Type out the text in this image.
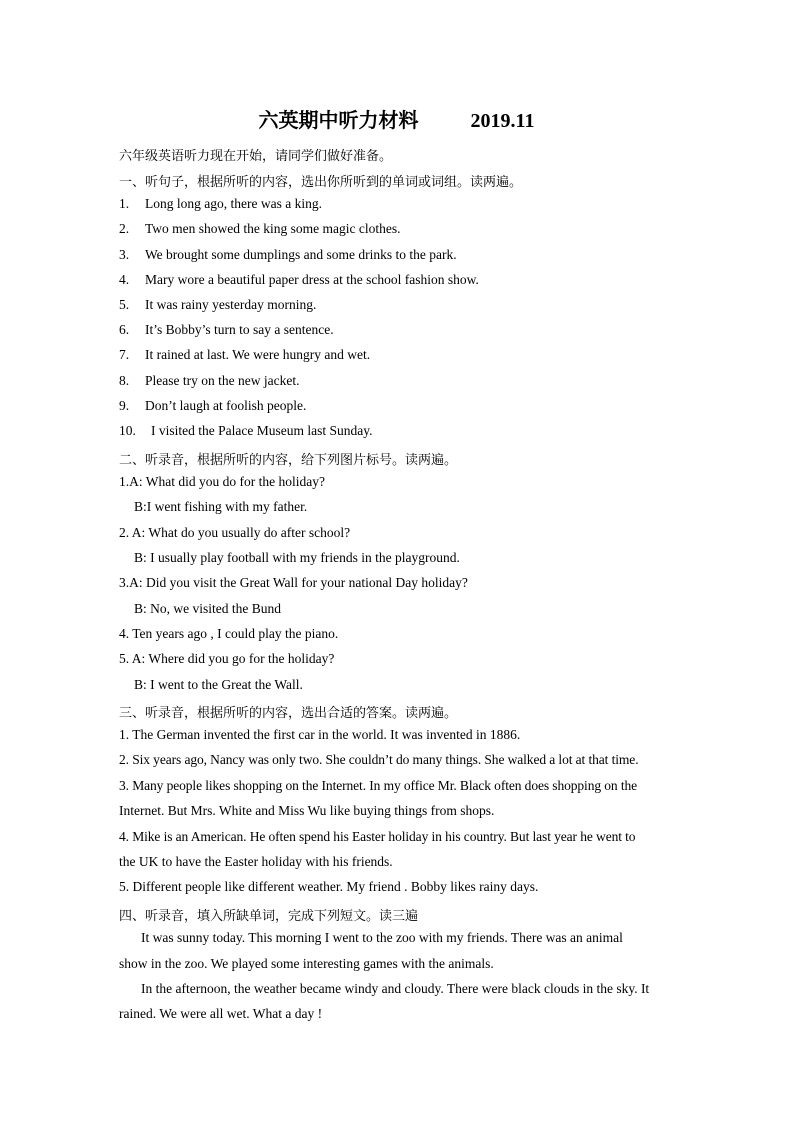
六英期中听力材料	2019.11
六年级英语听力现在开始，请同学们做好准备。
一、听句子，根据所听的内容，选出你所听到的单词或词组。读两遍。
1. Long long ago, there was a king.
2. Two men showed the king some magic clothes.
3. We brought some dumplings and some drinks to the park.
4. Mary wore a beautiful paper dress at the school fashion show.
5. It was rainy yesterday morning.
6. It’s Bobby’s turn to say a sentence.
7. It rained at last. We were hungry and wet.
8. Please try on the new jacket.
9. Don’t laugh at foolish people.
10. I visited the Palace Museum last Sunday.
二、听录音，根据所听的内容，给下列图片标号。读两遍。
1.A: What did you do for the holiday?
B:I went fishing with my father.
2. A: What do you usually do after school?
B: I usually play football with my friends in the playground.
3.A: Did you visit the Great Wall for your national Day holiday?
B: No, we visited the Bund
4. Ten years ago , I could play the piano.
5. A: Where did you go for the holiday?
B: I went to the Great the Wall.
三、听录音，根据所听的内容，选出合适的答案。读两遍。
1. The German invented the first car in the world. It was invented in 1886.
2. Six years ago, Nancy was only two. She couldn’t do many things. She walked a lot at that time.
3. Many people likes shopping on the Internet. In my office Mr. Black often does shopping on the
Internet. But Mrs. White and Miss Wu like buying things from shops.
4. Mike is an American. He often spend his Easter holiday in his country. But last year he went to
the UK to have the Easter holiday with his friends.
5. Different people like different weather. My friend . Bobby likes rainy days.
四、听录音，填入所缺单词，完成下列短文。读三遍
It was sunny today. This morning I went to the zoo with my friends. There was an animal
show in the zoo. We played some interesting games with the animals.
In the afternoon, the weather became windy and cloudy. There were black clouds in the sky. It
rained. We were all wet. What a day !
